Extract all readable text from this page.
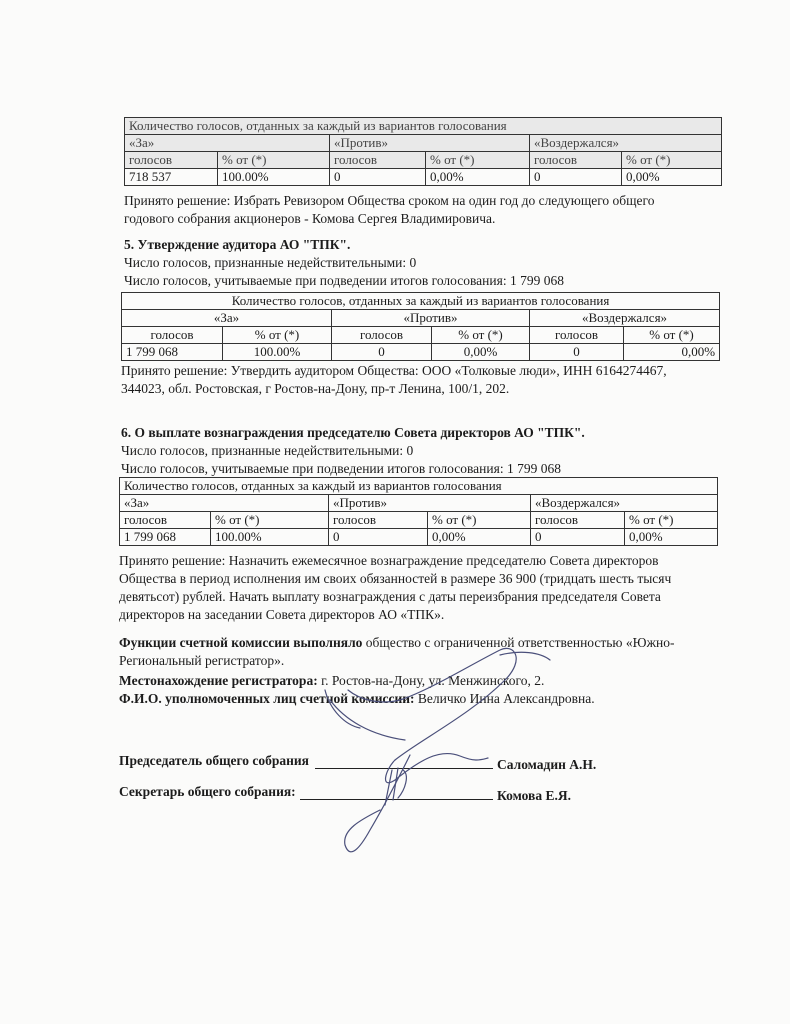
Количество голосов, отданных за каждый из вариантов голосования					
«За»		«Против»		«Воздержался»	
голосов	% от (*)	голосов	% от (*)	голосов	% от (*)
718 537	100.00%	0	0,00%	0	0,00%
Принято решение: Избрать Ревизором Общества сроком на один год до следующего общего
годового собрания акционеров - Комова Сергея Владимировича.
5. Утверждение аудитора АО "ТПК".
Число голосов, признанные недействительными: 0
Число голосов, учитываемые при подведении итогов голосования: 1 799 068
Количество голосов, отданных за каждый из вариантов голосования					
«За»		«Против»		«Воздержался»	
голосов	% от (*)	голосов	% от (*)	голосов	% от (*)
1 799 068	100.00%	0	0,00%	0	0,00%
Принято решение: Утвердить аудитором Общества: ООО «Толковые люди», ИНН 6164274467,
344023, обл. Ростовская, г Ростов-на-Дону, пр-т Ленина, 100/1, 202.
6. О выплате вознаграждения председателю Совета директоров АО "ТПК".
Число голосов, признанные недействительными: 0
Число голосов, учитываемые при подведении итогов голосования: 1 799 068
Количество голосов, отданных за каждый из вариантов голосования					
«За»		«Против»		«Воздержался»	
голосов	% от (*)	голосов	% от (*)	голосов	% от (*)
1 799 068	100.00%	0	0,00%	0	0,00%
Принято решение: Назначить ежемесячное вознаграждение председателю Совета директоров
Общества в период исполнения им своих обязанностей в размере 36 900 (тридцать шесть тысяч
девятьсот) рублей. Начать выплату вознаграждения с даты переизбрания председателя Совета
директоров на заседании Совета директоров АО «ТПК».
Функции счетной комиссии выполняло общество с ограниченной ответственностью «Южно-
Региональный регистратор».
Местонахождение регистратора: г. Ростов-на-Дону, ул. Менжинского, 2.
Ф.И.О. уполномоченных лиц счетной комиссии: Величко Инна Александровна.
Председатель общего собрания	Саломадин А.Н.
Секретарь общего собрания:	Комова Е.Я.
